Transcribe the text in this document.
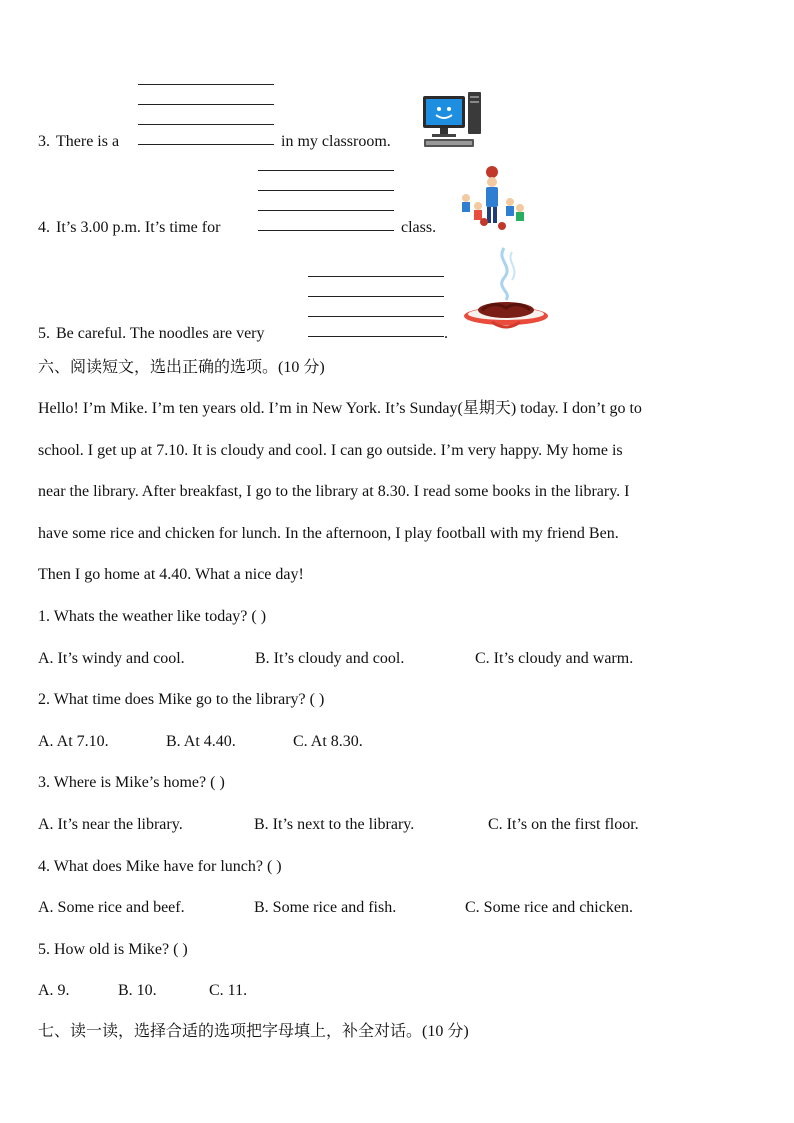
3. There is a	in my classroom.
4. It’s 3.00 p.m. It’s time for	class.
5. Be careful. The noodles are very	.
六、阅读短文，选出正确的选项。(10 分)
Hello! I’m Mike. I’m ten years old. I’m in New York. It’s Sunday(星期天) today. I don’t go to
school. I get up at 7.10. It is cloudy and cool. I can go outside. I’m very happy. My home is
near the library. After breakfast, I go to the library at 8.30. I read some books in the library. I
have some rice and chicken for lunch. In the afternoon, I play football with my friend Ben.
Then I go home at 4.40. What a nice day!
1. Whats the weather like today? ( )
A. It’s windy and cool.	B. It’s cloudy and cool.	C. It’s cloudy and warm.
2. What time does Mike go to the library? ( )
A. At 7.10.	B. At 4.40.	C. At 8.30.
3. Where is Mike’s home? ( )
A. It’s near the library.	B. It’s next to the library.	C. It’s on the first floor.
4. What does Mike have for lunch? ( )
A. Some rice and beef.	B. Some rice and fish.	C. Some rice and chicken.
5. How old is Mike? ( )
A. 9.	B. 10.	C. 11.
七、读一读，选择合适的选项把字母填上，补全对话。(10 分)
